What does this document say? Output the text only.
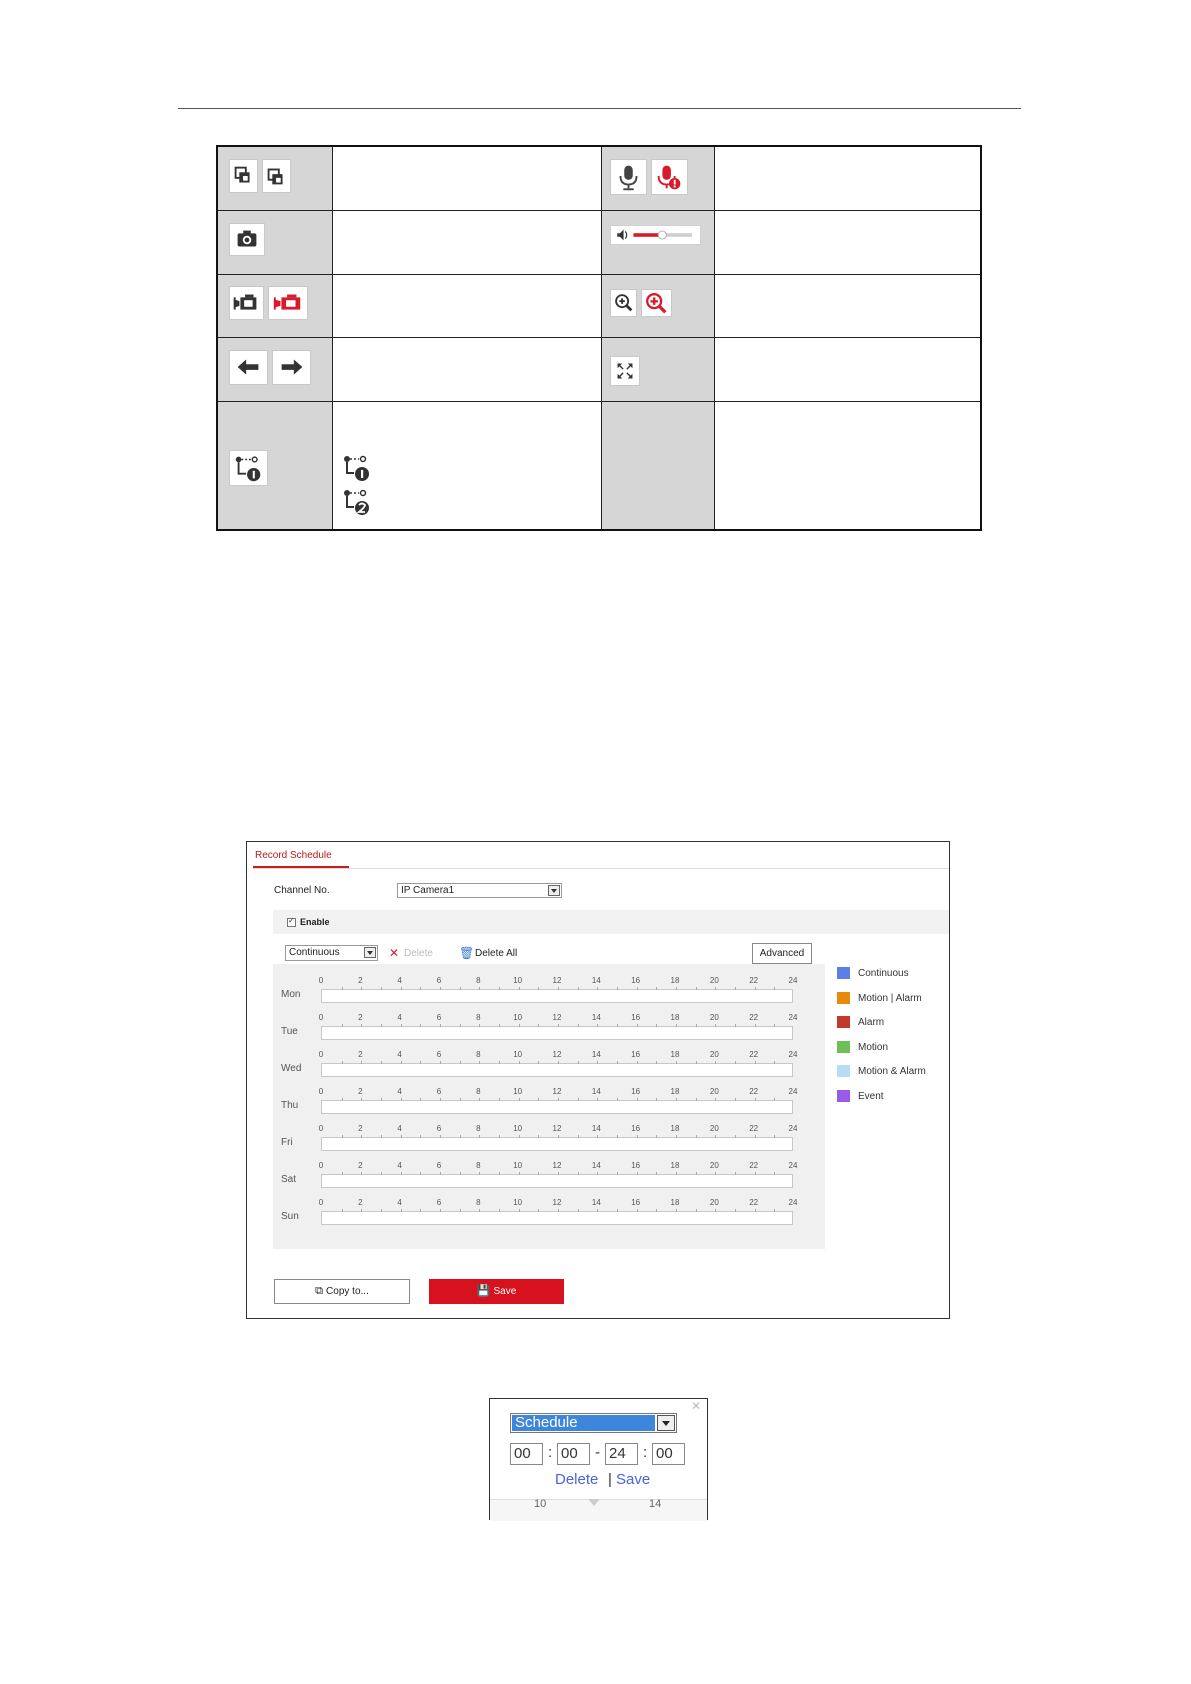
Record Schedule
Channel No.	IP Camera1
✓
Enable
Continuous	✕ Delete 🗑 Delete All	Advanced
0	2	4	6	8	10	12	14	16	18	20	22	24
Mon
0	2	4	6	8	10	12	14	16	18	20	22	24
Tue
0	2	4	6	8	10	12	14	16	18	20	22	24
Wed
0	2	4	6	8	10	12	14	16	18	20	22	24
Thu
0	2	4	6	8	10	12	14	16	18	20	22	24
Fri
0	2	4	6	8	10	12	14	16	18	20	22	24
Sat
0	2	4	6	8	10	12	14	16	18	20	22	24
Sun
Continuous
Motion | Alarm
Alarm
Motion
Motion & Alarm
Event
⧉ Copy to...	💾 Save
✕
Schedule
00	: 00	- 24	: 00
Delete | Save
10	14
